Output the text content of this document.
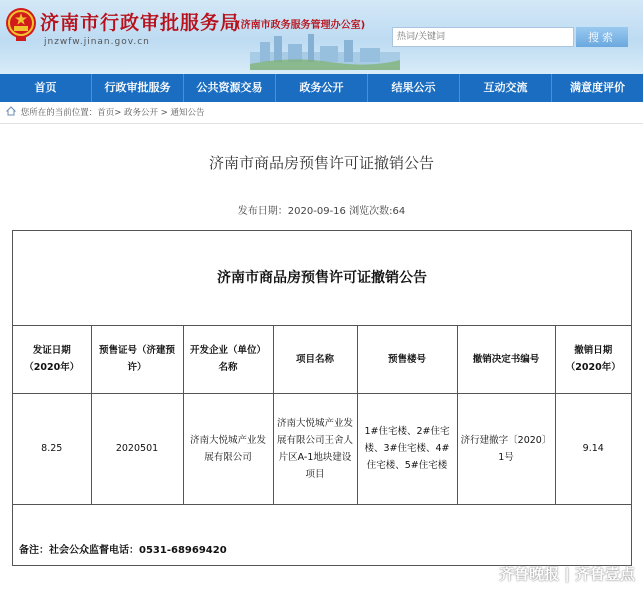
济南市行政审批服务局
(济南市政务服务管理办公室)
jnzwfw.jinan.gov.cn
热词/关键词	搜索
首页	行政审批服务	公共资源交易	政务公开	结果公示	互动交流	满意度评价
您所在的当前位置：首页> 政务公开 > 通知公告
济南市商品房预售许可证撤销公告
发布日期：2020-09-16 浏览次数:64
济南市商品房预售许可证撤销公告
发证日期（2020年）	预售证号（济建预许）	开发企业（单位）名称	项目名称	预售楼号	撤销决定书编号	撤销日期（2020年）
8.25	2020501	济南大悦城产业发展有限公司	济南大悦城产业发展有限公司王舍人片区A-1地块建设项目	1#住宅楼、2#住宅楼、3#住宅楼、4#住宅楼、5#住宅楼	济行建撤字〔2020〕1号	9.14
备注：社会公众监督电话：0531-68969420
齐鲁晚报 | 齐鲁壹点
